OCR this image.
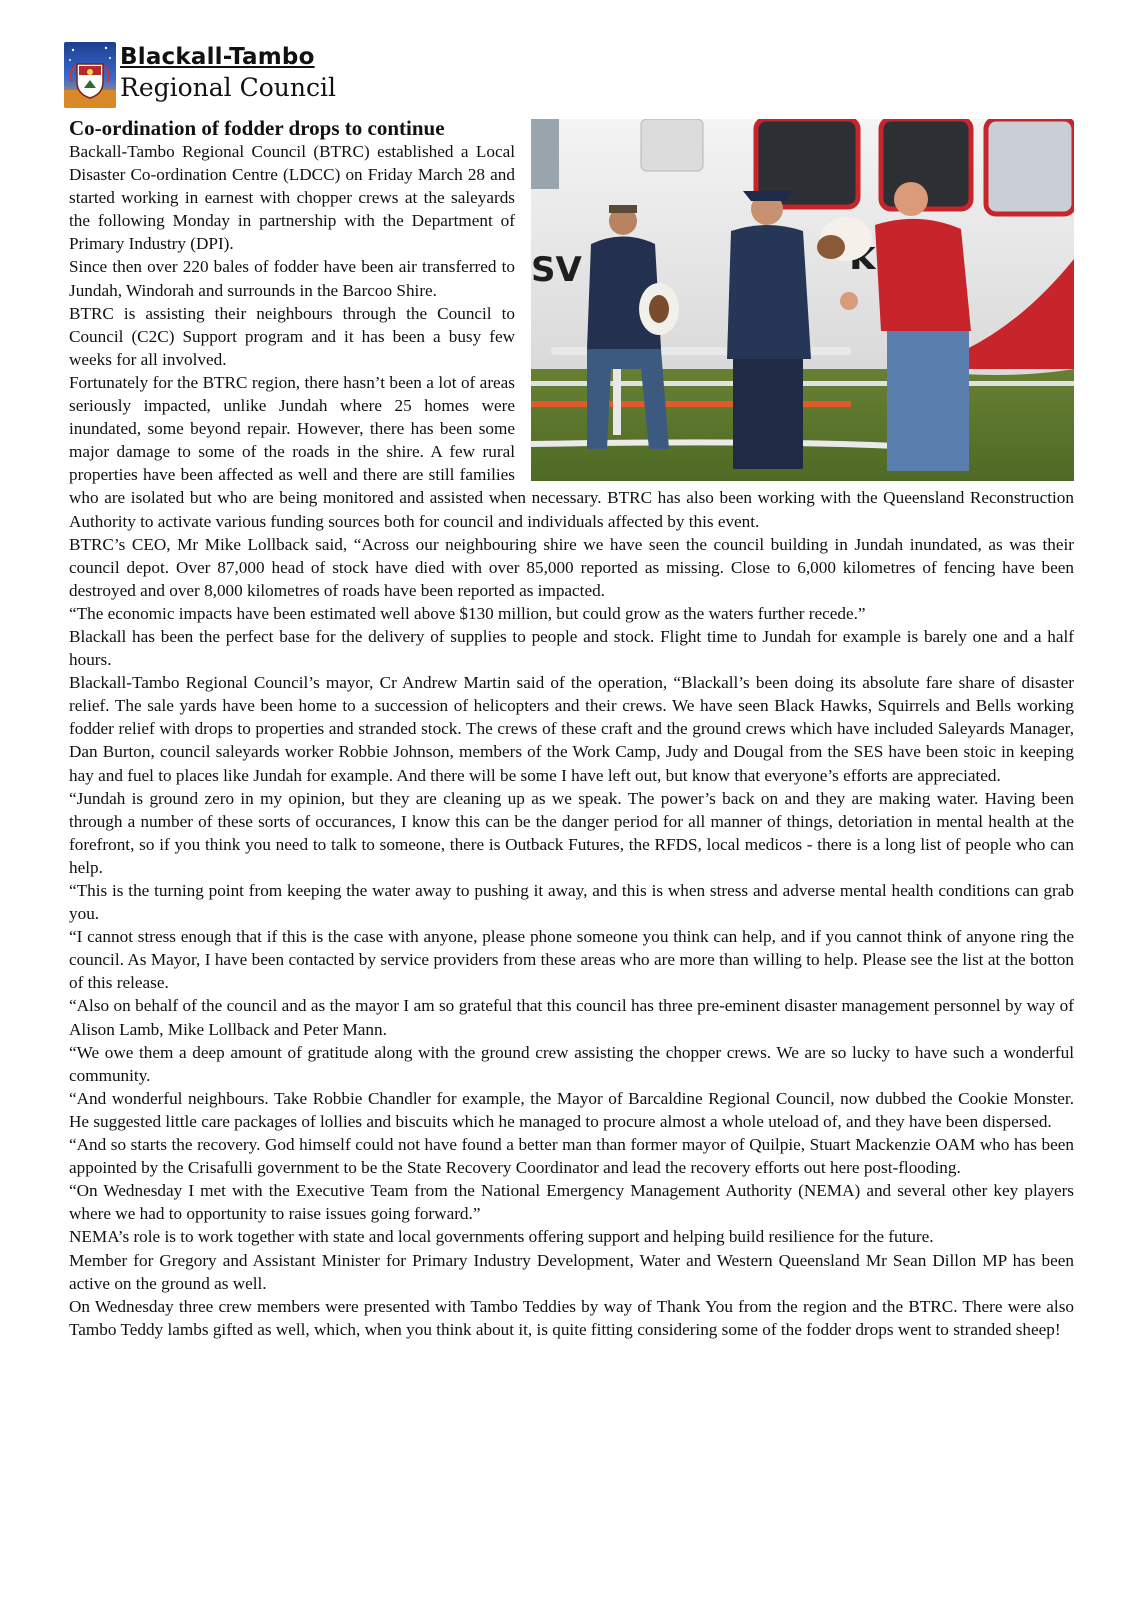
Blackall-Tambo
Regional Council
SV

Co-ordination of fodder drops to continue

Backall-Tambo Regional Council (BTRC) established a Local Disaster Co-ordination Centre (LDCC) on Friday March 28 and started working in earnest with chopper crews at the saleyards the following Monday in partnership with the Department of Primary Industry (DPI).

Since then over 220 bales of fodder have been air transferred to Jundah, Windorah and surrounds in the Barcoo Shire.

BTRC is assisting their neighbours through the Council to Council (C2C) Support program and it has been a busy few weeks for all involved.

Fortunately for the BTRC region, there hasn’t been a lot of areas seriously impacted, unlike Jundah where 25 homes were inundated, some beyond repair. However, there has been some major damage to some of the roads in the shire. A few rural properties have been affected as well and there are still families who are isolated but who are being monitored and assisted when necessary. BTRC has also been working with the Queensland Reconstruction Authority to activate various funding sources both for council and individuals affected by this event.

BTRC’s CEO, Mr Mike Lollback said, “Across our neighbouring shire we have seen the council building in Jundah inundated, as was their council depot. Over 87,000 head of stock have died with over 85,000 reported as missing. Close to 6,000 kilometres of fencing have been destroyed and over 8,000 kilometres of roads have been reported as impacted.

“The economic impacts have been estimated well above $130 million, but could grow as the waters further recede.”

Blackall has been the perfect base for the delivery of supplies to people and stock. Flight time to Jundah for example is barely one and a half hours.

Blackall-Tambo Regional Council’s mayor, Cr Andrew Martin said of the operation, “Blackall’s been doing its absolute fare share of disaster relief. The sale yards have been home to a succession of helicopters and their crews. We have seen Black Hawks, Squirrels and Bells working fodder relief with drops to properties and stranded stock. The crews of these craft and the ground crews which have included Saleyards Manager, Dan Burton, council saleyards worker Robbie Johnson, members of the Work Camp, Judy and Dougal from the SES have been stoic in keeping hay and fuel to places like Jundah for example. And there will be some I have left out, but know that everyone’s efforts are appreciated.

“Jundah is ground zero in my opinion, but they are cleaning up as we speak. The power’s back on and they are making water. Having been through a number of these sorts of occurances, I know this can be the danger period for all manner of things, detoriation in mental health at the forefront, so if you think you need to talk to someone, there is Outback Futures, the RFDS, local medicos - there is a long list of people who can help.

“This is the turning point from keeping the water away to pushing it away, and this is when stress and adverse mental health conditions can grab you.

“I cannot stress enough that if this is the case with anyone, please phone someone you think can help, and if you cannot think of anyone ring the council. As Mayor, I have been contacted by service providers from these areas who are more than willing to help. Please see the list at the botton of this release.

“Also on behalf of the council and as the mayor I am so grateful that this council has three pre-eminent disaster management personnel by way of Alison Lamb, Mike Lollback and Peter Mann.

“We owe them a deep amount of gratitude along with the ground crew assisting the chopper crews. We are so lucky to have such a wonderful community.

“And wonderful neighbours. Take Robbie Chandler for example, the Mayor of Barcaldine Regional Council, now dubbed the Cookie Monster. He suggested little care packages of lollies and biscuits which he managed to procure almost a whole uteload of, and they have been dispersed.

“And so starts the recovery. God himself could not have found a better man than former mayor of Quilpie, Stuart Mackenzie OAM who has been appointed by the Crisafulli government to be the State Recovery Coordinator and lead the recovery efforts out here post-flooding.

“On Wednesday I met with the Executive Team from the National Emergency Management Authority (NEMA) and several other key players where we had to opportunity to raise issues going forward.”

NEMA’s role is to work together with state and local governments offering support and helping build resilience for the future.

Member for Gregory and Assistant Minister for Primary Industry Development, Water and Western Queensland Mr Sean Dillon MP has been active on the ground as well.

On Wednesday three crew members were presented with Tambo Teddies by way of Thank You from the region and the BTRC. There were also Tambo Teddy lambs gifted as well, which, when you think about it, is quite fitting considering some of the fodder drops went to stranded sheep!
